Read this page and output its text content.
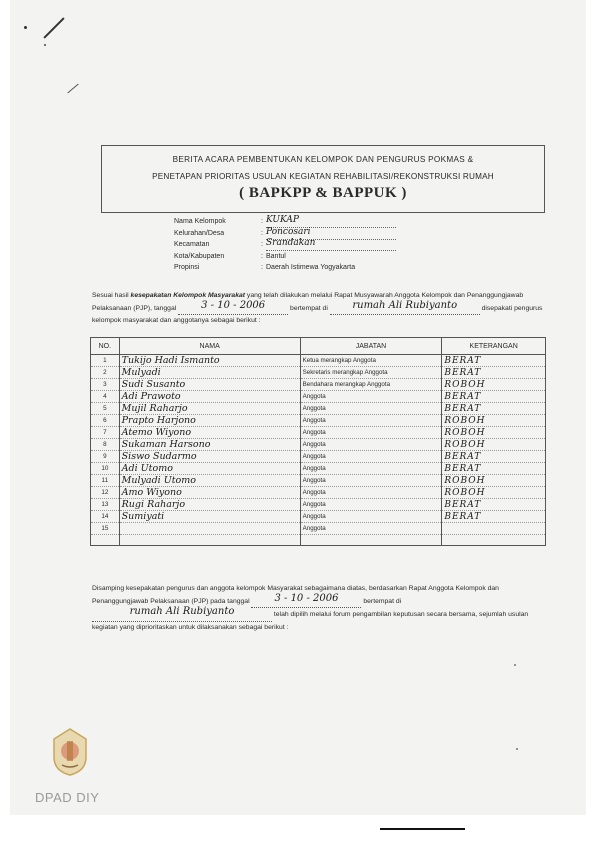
BERITA ACARA PEMBENTUKAN KELOMPOK DAN PENGURUS POKMAS &
PENETAPAN PRIORITAS USULAN KEGIATAN REHABILITASI/REKONSTRUKSI RUMAH
( BAPKPP & BAPPUK )
Nama Kelompok	: KUKAP
Kelurahan/Desa	: Poncosari
Kecamatan	: Srandakan
Kota/Kabupaten	: Bantul
Propinsi	: Daerah Istimewa Yogyakarta
Sesuai hasil kesepakatan Kelompok Masyarakat yang telah dilakukan melalui Rapat Musyawarah Anggota Kelompok dan Penanggungjawab Pelaksanaan (PJP), tanggal 3 - 10 - 2006	bertempat di rumah Ali Rubiyanto	disepakati pengurus kelompok masyarakat dan anggotanya sebagai berikut :
NO.	NAMA	JABATAN	KETERANGAN
1	Tukijo Hadi Ismanto	Ketua merangkap Anggota	BERAT
2	Mulyadi	Sekretaris merangkap Anggota	BERAT
3	Sudi Susanto	Bendahara merangkap Anggota	ROBOH
4	Adi Prawoto	Anggota	BERAT
5	Mujil Raharjo	Anggota	BERAT
6	Prapto Harjono	Anggota	ROBOH
7	Atemo Wiyono	Anggota	ROBOH
8	Sukaman Harsono	Anggota	ROBOH
9	Siswo Sudarmo	Anggota	BERAT
10	Adi Utomo	Anggota	BERAT
11	Mulyadi Utomo	Anggota	ROBOH
12	Amo Wiyono	Anggota	ROBOH
13	Rugi Raharjo	Anggota	BERAT
14	Sumiyati	Anggota	BERAT
15		Anggota	

Disamping kesepakatan pengurus dan anggota kelompok Masyarakat sebagaimana diatas, berdasarkan Rapat Anggota Kelompok dan Penanggungjawab Pelaksanaan (PJP) pada tanggal 3 - 10 - 2006	bertempat di rumah Ali Rubiyanto	telah dipilih melalui forum pengambilan keputusan secara bersama, sejumlah usulan kegiatan yang diprioritaskan untuk dilaksanakan sebagai berikut :
DPAD DIY
